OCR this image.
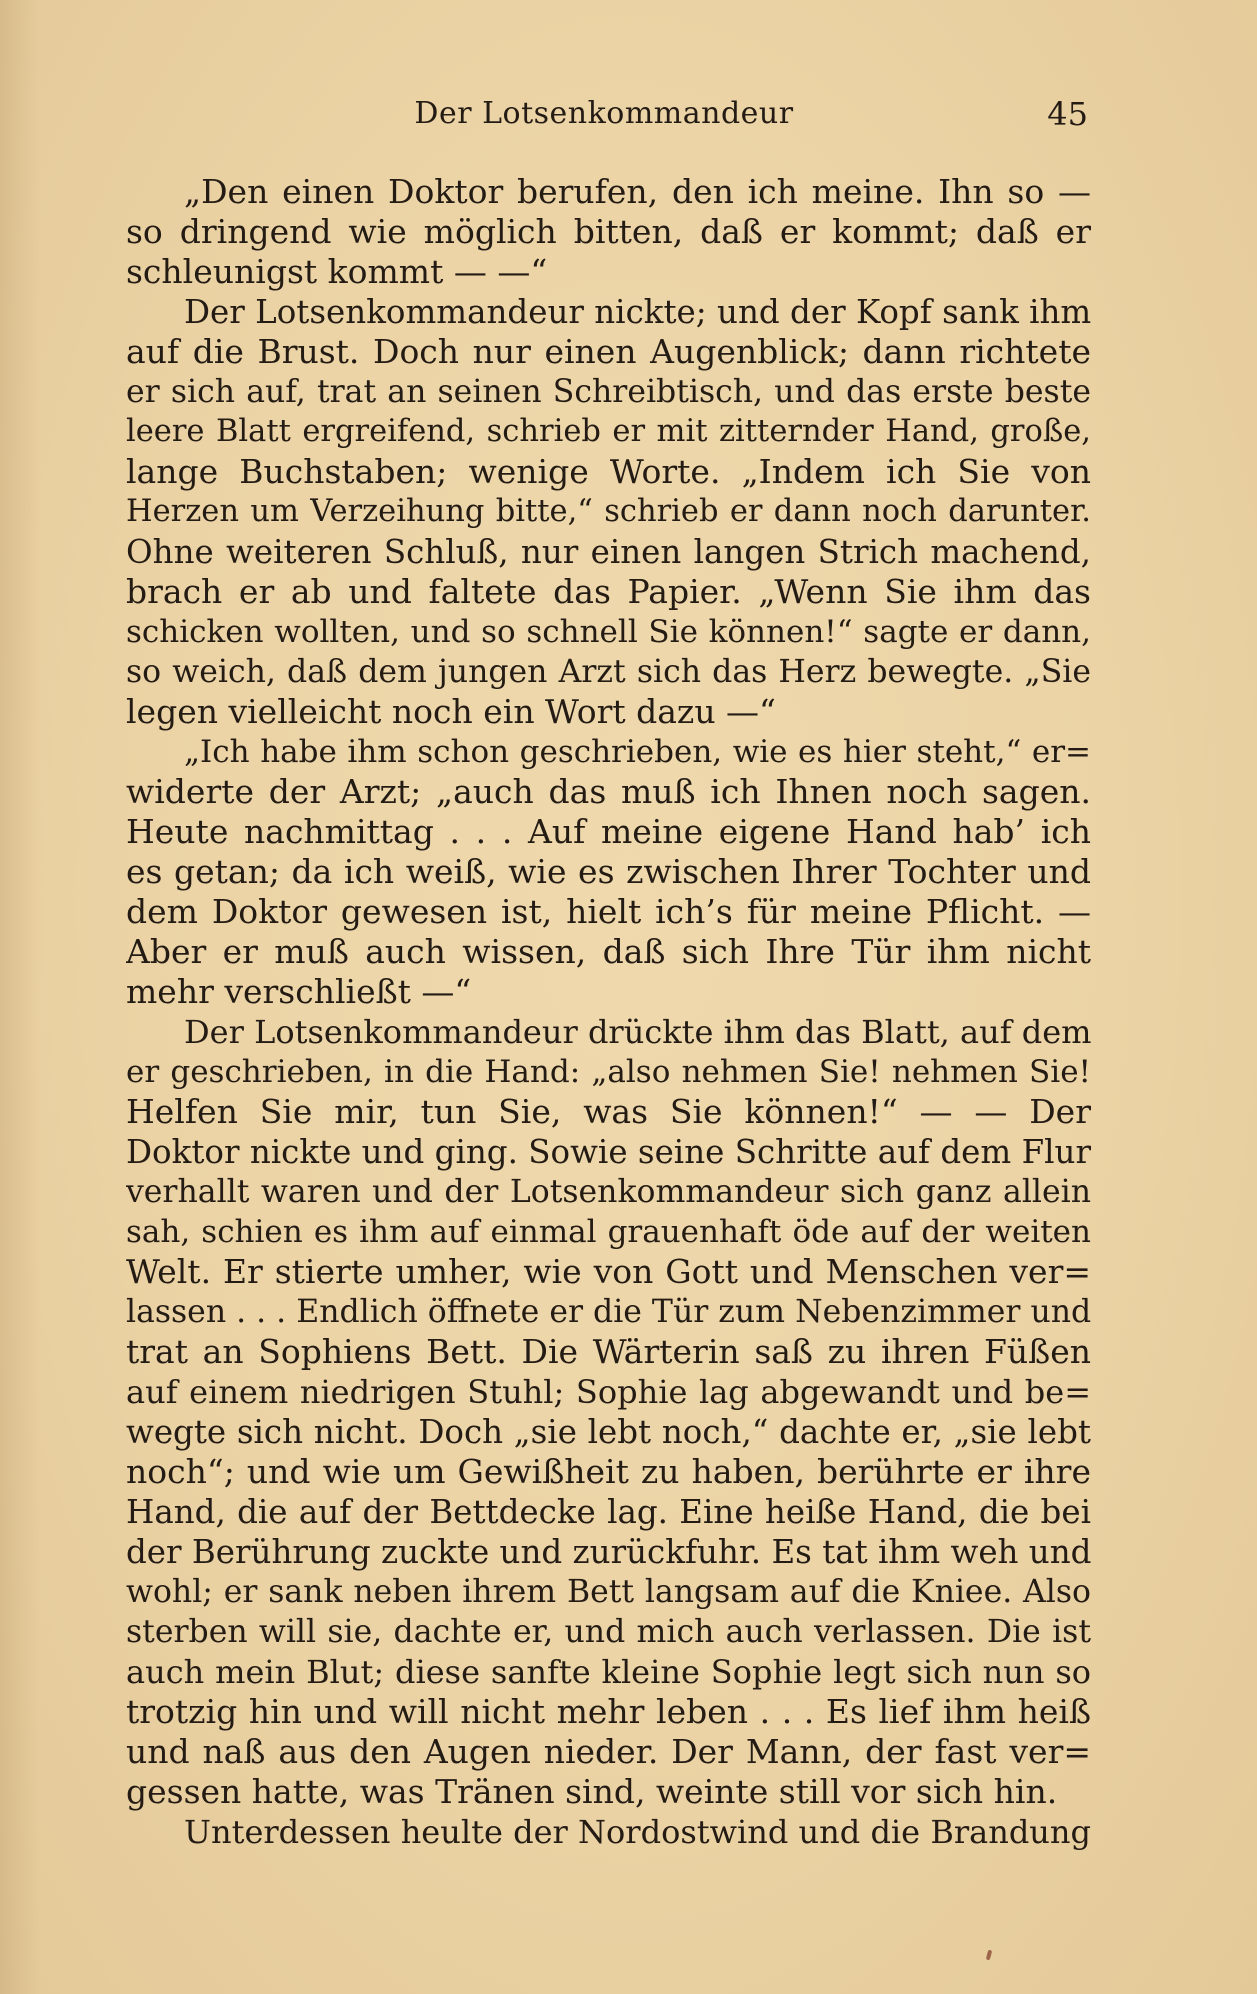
Der Lotsenkommandeur	45
„Den einen Doktor berufen, den ich meine. Ihn so —
so dringend wie möglich bitten, daß er kommt; daß er
schleunigst kommt — —“
Der Lotsenkommandeur nickte; und der Kopf sank ihm
auf die Brust. Doch nur einen Augenblick; dann richtete
er sich auf, trat an seinen Schreibtisch, und das erste beste
leere Blatt ergreifend, schrieb er mit zitternder Hand, große,
lange Buchstaben; wenige Worte. „Indem ich Sie von
Herzen um Verzeihung bitte,“ schrieb er dann noch darunter.
Ohne weiteren Schluß, nur einen langen Strich machend,
brach er ab und faltete das Papier. „Wenn Sie ihm das
schicken wollten, und so schnell Sie können!“ sagte er dann,
so weich, daß dem jungen Arzt sich das Herz bewegte. „Sie
legen vielleicht noch ein Wort dazu —“
„Ich habe ihm schon geschrieben, wie es hier steht,“ er=
widerte der Arzt; „auch das muß ich Ihnen noch sagen.
Heute nachmittag . . . Auf meine eigene Hand hab’ ich
es getan; da ich weiß, wie es zwischen Ihrer Tochter und
dem Doktor gewesen ist, hielt ich’s für meine Pflicht. —
Aber er muß auch wissen, daß sich Ihre Tür ihm nicht
mehr verschließt —“
Der Lotsenkommandeur drückte ihm das Blatt, auf dem
er geschrieben, in die Hand: „also nehmen Sie! nehmen Sie!
Helfen Sie mir, tun Sie, was Sie können!“ — — Der
Doktor nickte und ging. Sowie seine Schritte auf dem Flur
verhallt waren und der Lotsenkommandeur sich ganz allein
sah, schien es ihm auf einmal grauenhaft öde auf der weiten
Welt. Er stierte umher, wie von Gott und Menschen ver=
lassen . . . Endlich öffnete er die Tür zum Nebenzimmer und
trat an Sophiens Bett. Die Wärterin saß zu ihren Füßen
auf einem niedrigen Stuhl; Sophie lag abgewandt und be=
wegte sich nicht. Doch „sie lebt noch,“ dachte er, „sie lebt
noch“; und wie um Gewißheit zu haben, berührte er ihre
Hand, die auf der Bettdecke lag. Eine heiße Hand, die bei
der Berührung zuckte und zurückfuhr. Es tat ihm weh und
wohl; er sank neben ihrem Bett langsam auf die Kniee. Also
sterben will sie, dachte er, und mich auch verlassen. Die ist
auch mein Blut; diese sanfte kleine Sophie legt sich nun so
trotzig hin und will nicht mehr leben . . . Es lief ihm heiß
und naß aus den Augen nieder. Der Mann, der fast ver=
gessen hatte, was Tränen sind, weinte still vor sich hin.
Unterdessen heulte der Nordostwind und die Brandung
